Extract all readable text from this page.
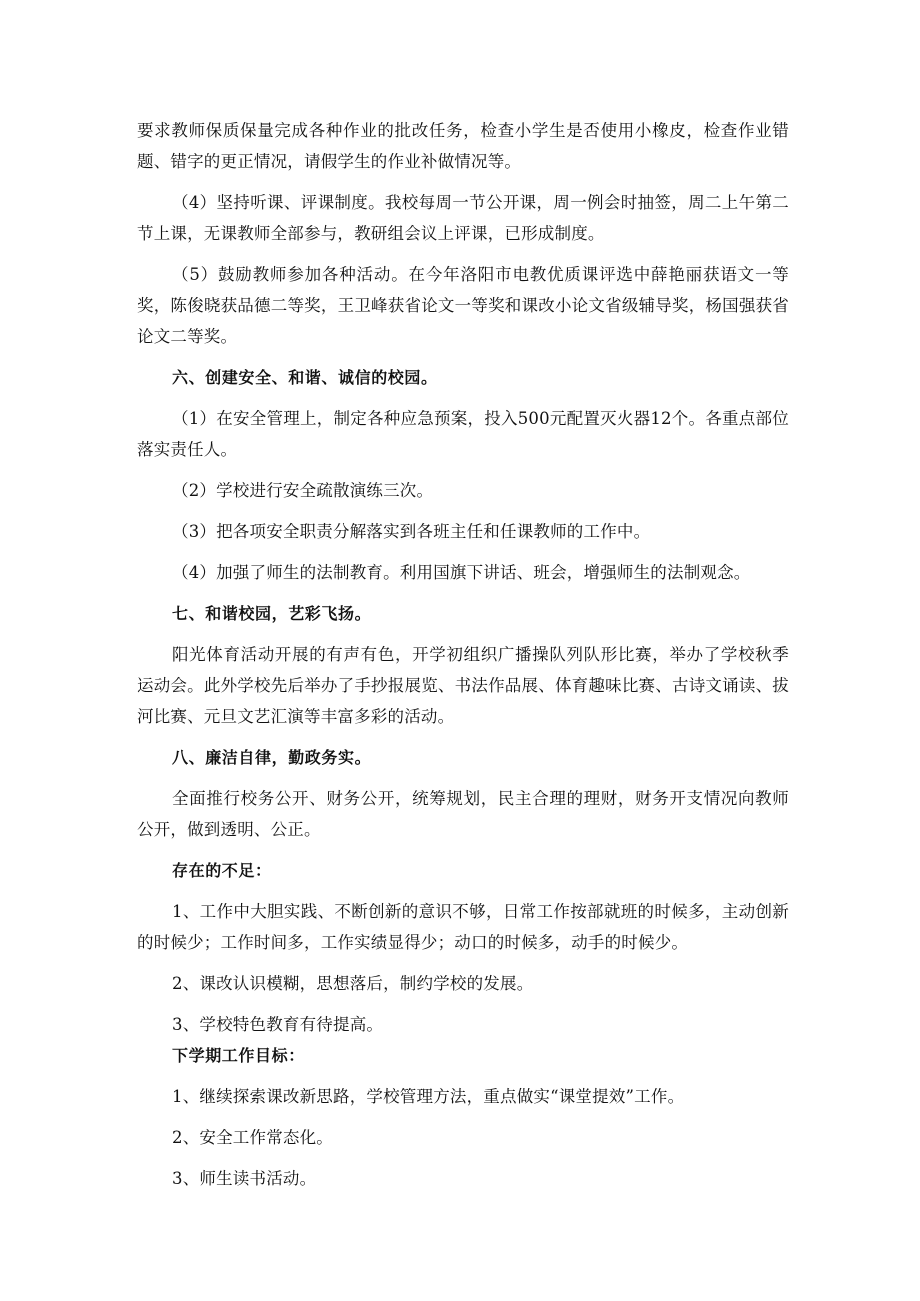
要求教师保质保量完成各种作业的批改任务，检查小学生是否使用小橡皮，检查作业错题、错字的更正情况，请假学生的作业补做情况等。

（4）坚持听课、评课制度。我校每周一节公开课，周一例会时抽签，周二上午第二节上课，无课教师全部参与，教研组会议上评课，已形成制度。

（5）鼓励教师参加各种活动。在今年洛阳市电教优质课评选中薛艳丽获语文一等奖，陈俊晓获品德二等奖，王卫峰获省论文一等奖和课改小论文省级辅导奖，杨国强获省论文二等奖。

六、创建安全、和谐、诚信的校园。

（1）在安全管理上，制定各种应急预案，投入500元配置灭火器12个。各重点部位落实责任人。

（2）学校进行安全疏散演练三次。

（3）把各项安全职责分解落实到各班主任和任课教师的工作中。

（4）加强了师生的法制教育。利用国旗下讲话、班会，增强师生的法制观念。

七、和谐校园，艺彩飞扬。

阳光体育活动开展的有声有色，开学初组织广播操队列队形比赛，举办了学校秋季运动会。此外学校先后举办了手抄报展览、书法作品展、体育趣味比赛、古诗文诵读、拔河比赛、元旦文艺汇演等丰富多彩的活动。

八、廉洁自律，勤政务实。

全面推行校务公开、财务公开，统筹规划，民主合理的理财，财务开支情况向教师公开，做到透明、公正。

存在的不足：

1、工作中大胆实践、不断创新的意识不够，日常工作按部就班的时候多，主动创新的时候少；工作时间多，工作实绩显得少；动口的时候多，动手的时候少。

2、课改认识模糊，思想落后，制约学校的发展。

3、学校特色教育有待提高。

下学期工作目标：

1、继续探索课改新思路，学校管理方法，重点做实“课堂提效”工作。

2、安全工作常态化。

3、师生读书活动。
